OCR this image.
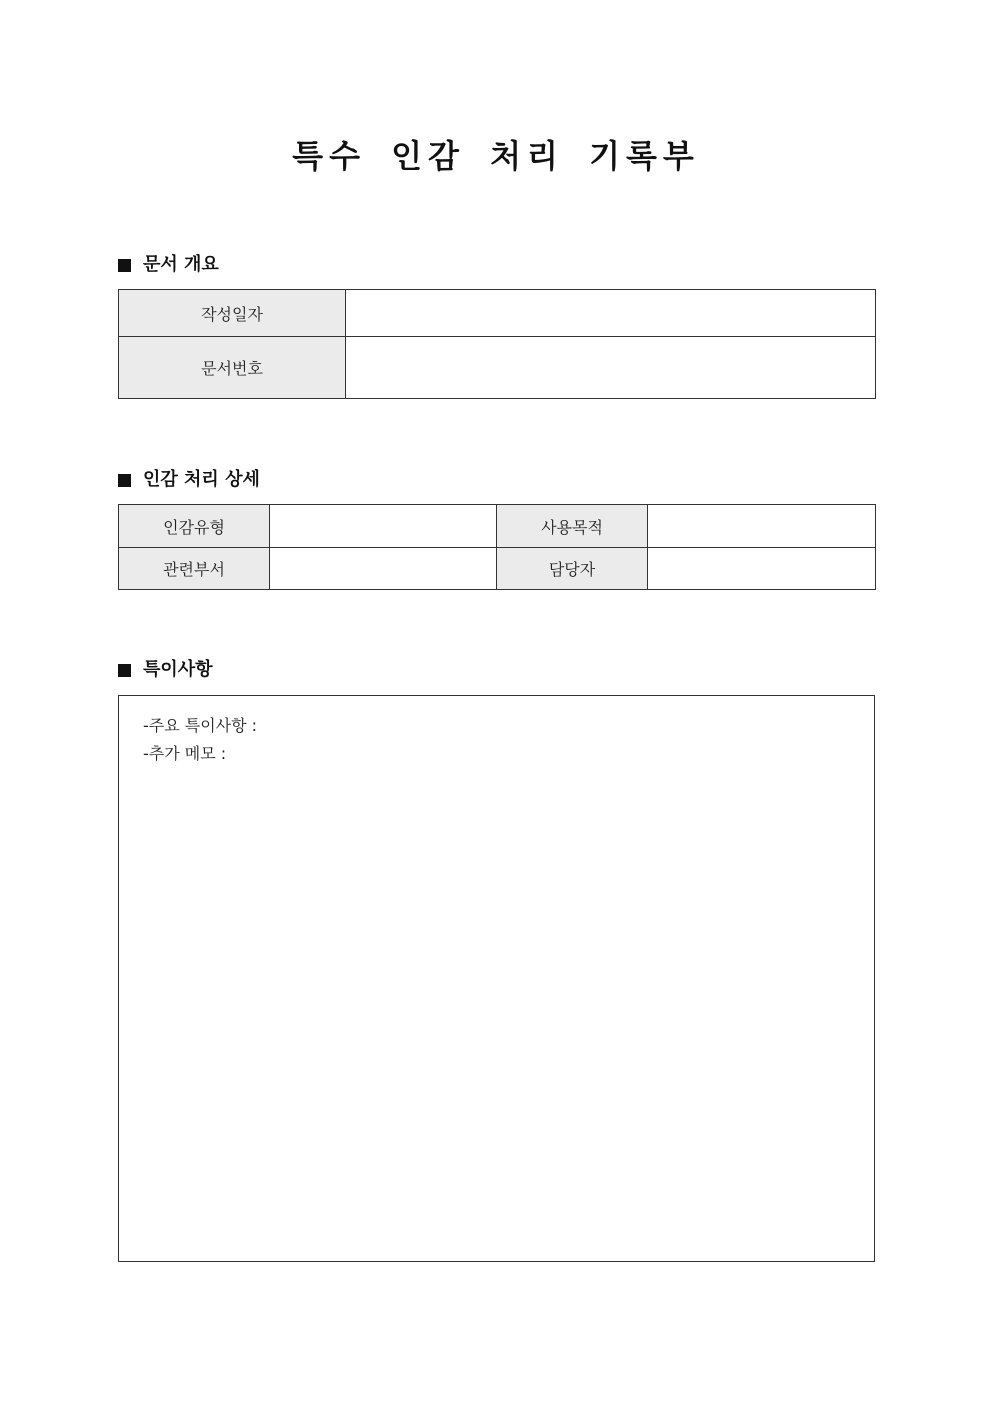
특수 인감 처리 기록부
문서 개요
작성일자	
문서번호	
인감 처리 상세
인감유형		사용목적	
관련부서		담당자	
특이사항
-주요 특이사항 :
-추가 메모 :
